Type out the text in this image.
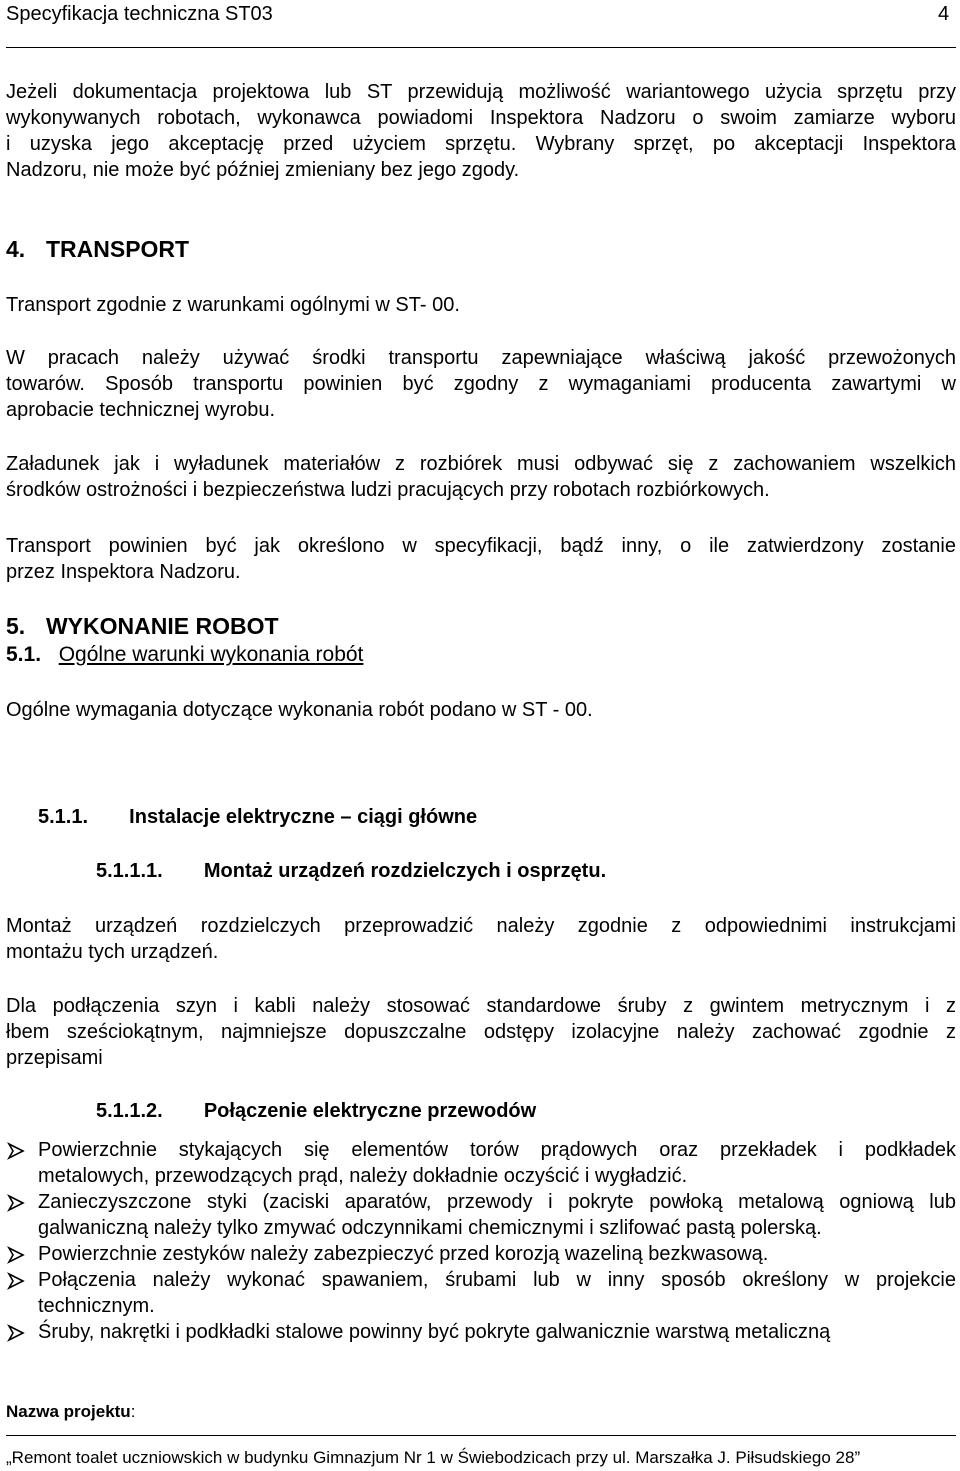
Specyfikacja techniczna ST03	4
Jeżeli dokumentacja projektowa lub ST przewidują możliwość wariantowego użycia sprzętu przy
wykonywanych robotach, wykonawca powiadomi Inspektora Nadzoru o swoim zamiarze wyboru
i uzyska jego akceptację przed użyciem sprzętu. Wybrany sprzęt, po akceptacji Inspektora
Nadzoru, nie może być później zmieniany bez jego zgody.
4. TRANSPORT
Transport zgodnie z warunkami ogólnymi w ST- 00.
W pracach należy używać środki transportu zapewniające właściwą jakość przewożonych
towarów. Sposób transportu powinien być zgodny z wymaganiami producenta zawartymi w
aprobacie technicznej wyrobu.
Załadunek jak i wyładunek materiałów z rozbiórek musi odbywać się z zachowaniem wszelkich
środków ostrożności i bezpieczeństwa ludzi pracujących przy robotach rozbiórkowych.
Transport powinien być jak określono w specyfikacji, bądź inny, o ile zatwierdzony zostanie
przez Inspektora Nadzoru.
5. WYKONANIE ROBOT
5.1. Ogólne warunki wykonania robót
Ogólne wymagania dotyczące wykonania robót podano w ST - 00.
5.1.1. Instalacje elektryczne – ciągi główne
5.1.1.1. Montaż urządzeń rozdzielczych i osprzętu.
Montaż urządzeń rozdzielczych przeprowadzić należy zgodnie z odpowiednimi instrukcjami
montażu tych urządzeń.
Dla podłączenia szyn i kabli należy stosować standardowe śruby z gwintem metrycznym i z
łbem sześciokątnym, najmniejsze dopuszczalne odstępy izolacyjne należy zachować zgodnie z
przepisami
5.1.1.2. Połączenie elektryczne przewodów
Powierzchnie stykających się elementów torów prądowych oraz przekładek i podkładek
metalowych, przewodzących prąd, należy dokładnie oczyścić i wygładzić.
Zanieczyszczone styki (zaciski aparatów, przewody i pokryte powłoką metalową ogniową lub
galwaniczną należy tylko zmywać odczynnikami chemicznymi i szlifować pastą polerską.
Powierzchnie zestyków należy zabezpieczyć przed korozją wazeliną bezkwasową.
Połączenia należy wykonać spawaniem, śrubami lub w inny sposób określony w projekcie
technicznym.
Śruby, nakrętki i podkładki stalowe powinny być pokryte galwanicznie warstwą metaliczną
Nazwa projektu:
„Remont toalet uczniowskich w budynku Gimnazjum Nr 1 w Świebodzicach przy ul. Marszałka J. Piłsudskiego 28”
